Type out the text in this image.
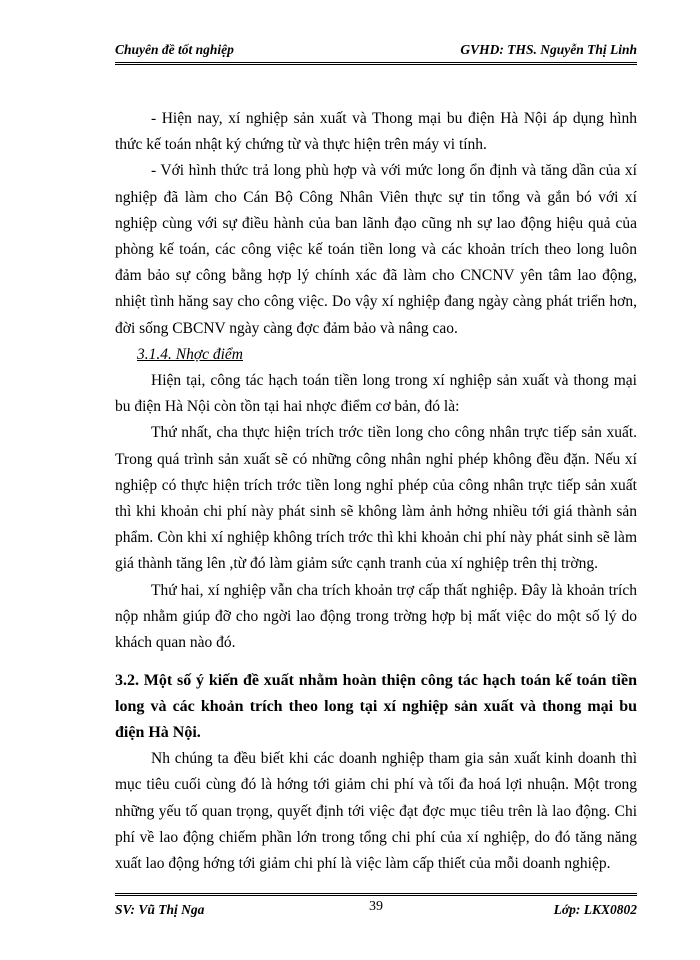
Chuyên đề tốt nghiệp	GVHD: THS. Nguyễn Thị Linh

- Hiện nay, xí nghiệp sản xuất và Thong mại bu điện Hà Nội áp dụng hình thức kế toán nhật ký chứng từ và thực hiện trên máy vi tính.

- Với hình thức trả long phù hợp và với mức long ổn định và tăng dần của xí nghiệp đã làm cho Cán Bộ Công Nhân Viên thực sự tin tổng và gắn bó với xí nghiệp cùng với sự điều hành của ban lãnh đạo cũng nh sự lao động hiệu quả của phòng kế toán, các công việc kế toán tiền long và các khoản trích theo long luôn đảm bảo sự công bằng hợp lý chính xác đã làm cho CNCNV yên tâm lao động, nhiệt tình hăng say cho công việc. Do vậy xí nghiệp đang ngày càng phát triển hơn, đời sống CBCNV ngày càng đợc đảm bảo và nâng cao.

3.1.4. Nhợc điểm

Hiện tại, công tác hạch toán tiền long trong xí nghiệp sản xuất và thong mại bu điện Hà Nội còn tồn tại hai nhợc điểm cơ bản, đó là:

Thứ nhất, cha thực hiện trích trớc tiền long cho công nhân trực tiếp sản xuất. Trong quá trình sản xuất sẽ có những công nhân nghỉ phép không đều đặn. Nếu xí nghiệp có thực hiện trích trớc tiền long nghỉ phép của công nhân trực tiếp sản xuất thì khi khoản chi phí này phát sinh sẽ không làm ảnh hởng nhiều tới giá thành sản phẩm. Còn khi xí nghiệp không trích trớc thì khi khoản chi phí này phát sinh sẽ làm giá thành tăng lên ,từ đó làm giảm sức cạnh tranh của xí nghiệp trên thị trờng.

Thứ hai, xí nghiệp vẫn cha trích khoản trợ cấp thất nghiệp. Đây là khoản trích nộp nhằm giúp đỡ cho ngời lao động trong trờng hợp bị mất việc do một số lý do khách quan nào đó.

3.2. Một số ý kiến đề xuất nhằm hoàn thiện công tác hạch toán kế toán tiền long và các khoản trích theo long tại xí nghiệp sản xuất và thong mại bu điện Hà Nội.

Nh chúng ta đều biết khi các doanh nghiệp tham gia sản xuất kinh doanh thì mục tiêu cuối cùng đó là hớng tới giảm chi phí và tối đa hoá lợi nhuận. Một trong những yếu tố quan trọng, quyết định tới việc đạt đợc mục tiêu trên là lao động. Chi phí về lao động chiếm phần lớn trong tổng chi phí của xí nghiệp, do đó tăng năng xuất lao động hớng tới giảm chi phí là việc làm cấp thiết của mỗi doanh nghiệp.

SV: Vũ Thị Nga	39	Lớp: LKX0802
